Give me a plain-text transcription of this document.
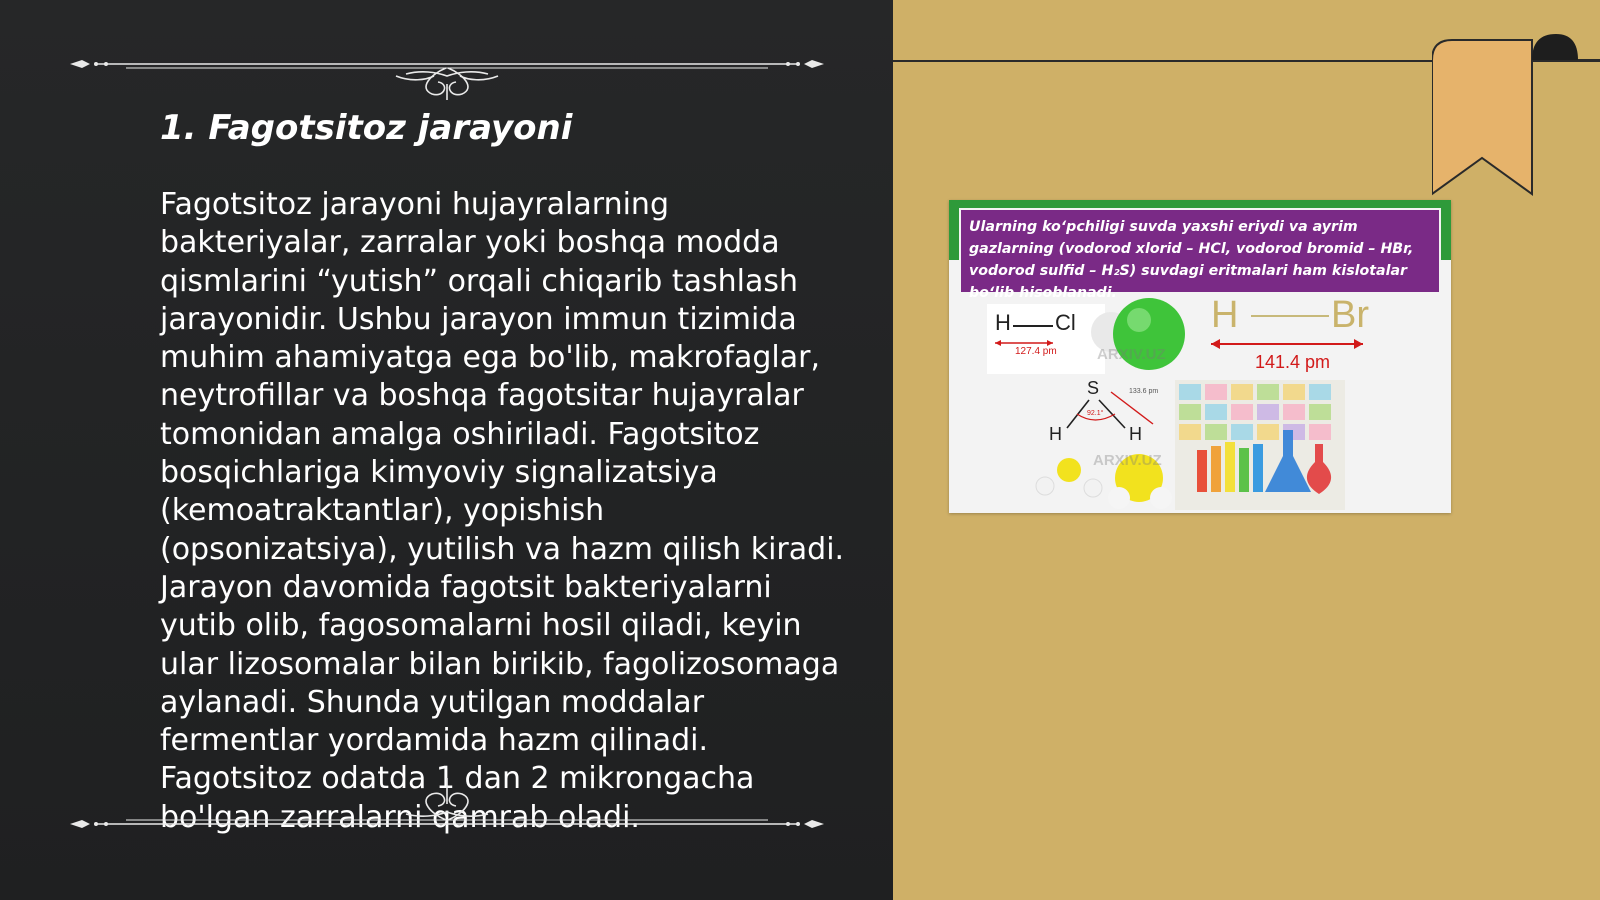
1. Fagotsitoz jarayoni

Fagotsitoz jarayoni hujayralarning bakteriyalar, zarralar yoki boshqa modda qismlarini “yutish” orqali chiqarib tashlash jarayonidir. Ushbu jarayon immun tizimida muhim ahamiyatga ega bo'lib, makrofaglar, neytrofillar va boshqa fagotsitar hujayralar tomonidan amalga oshiriladi. Fagotsitoz bosqichlariga kimyoviy signalizatsiya (kemoatraktantlar), yopishish (opsonizatsiya), yutilish va hazm qilish kiradi. Jarayon davomida fagotsit bakteriyalarni yutib olib, fagosomalarni hosil qiladi, keyin ular lizosomalar bilan birikib, fagolizosomaga aylanadi. Shunda yutilgan moddalar fermentlar yordamida hazm qilinadi. Fagotsitoz odatda 1 dan 2 mikrongacha bo'lgan zarralarni qamrab oladi.

Ularning ko‘pchiligi suvda yaxshi eriydi va ayrim gazlarning (vodorod xlorid – HCl, vodorod bromid – HBr, vodorod sulfid – H₂S) suvdagi eritmalari ham kislotalar bo‘lib hisoblanadi.
H Cl
127.4 pm
H Br
141.4 pm
S
H	H
133.6 pm
92.1°
ARXIV.UZ
ARXIV.UZ
